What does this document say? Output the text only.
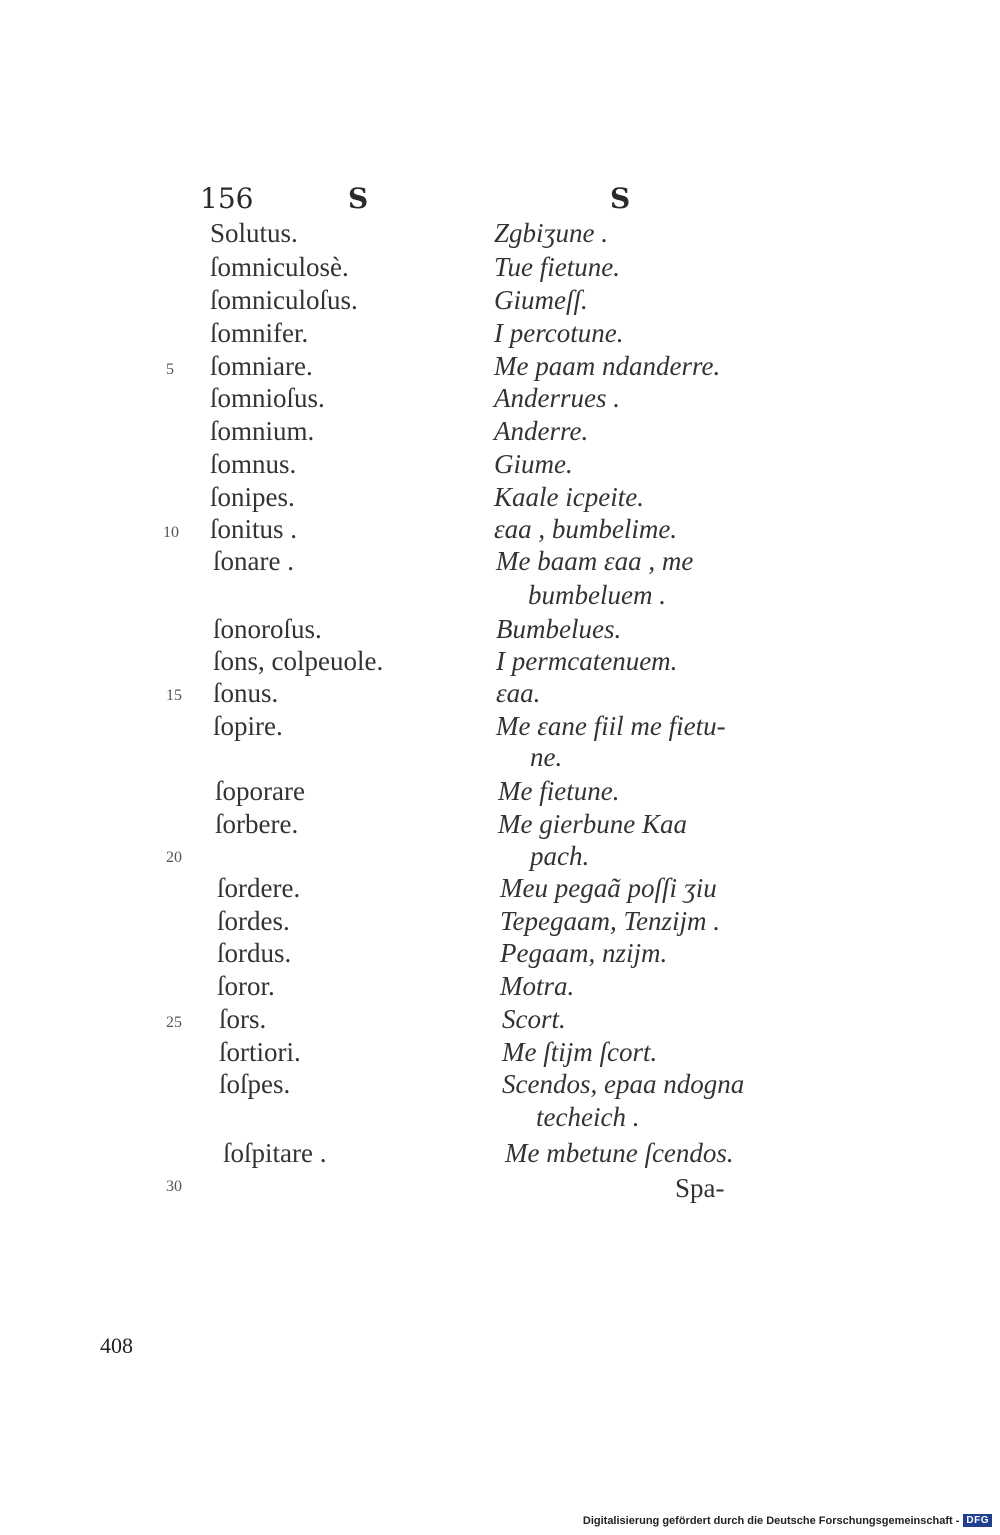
156	S	S
Solutus.
ſomniculosè.
ſomniculoſus.
ſomnifer.
ſomniare.
ſomnioſus.
ſomnium.
ſomnus.
ſonipes.
ſonitus .
ſonare .
ſonoroſus.
ſons, colpeuole.
ſonus.
ſopire.
ſoporare
ſorbere.
ſordere.
ſordes.
ſordus.
ſoror.
ſors.
ſortiori.
ſoſpes.
ſoſpitare .
Zgbiʒune .
Tue fietune.
Giumeſſ.
I percotune.
Me paam ndanderre.
Anderrues .
Anderre.
Giume.
Kaale icpeite.
ɛaa , bumbelime.
Me baam ɛaa , me
bumbeluem .
Bumbelues.
I permcatenuem.
ɛaa.
Me ɛane fiil me fietu-
ne.
Me fietune.
Me gierbune Kaa
pach.
Meu pegaã poſſi ʒiu
Tepegaam, Tenzijm .
Pegaam, nzijm.
Motra.
Scort.
Me ſtijm ſcort.
Scendos, epaa ndogna
techeich .
Me mbetune ſcendos.
Spa-
5
10
15
20
25
30
408
Digitalisierung gefördert durch die Deutsche Forschungsgemeinschaft - DFG
